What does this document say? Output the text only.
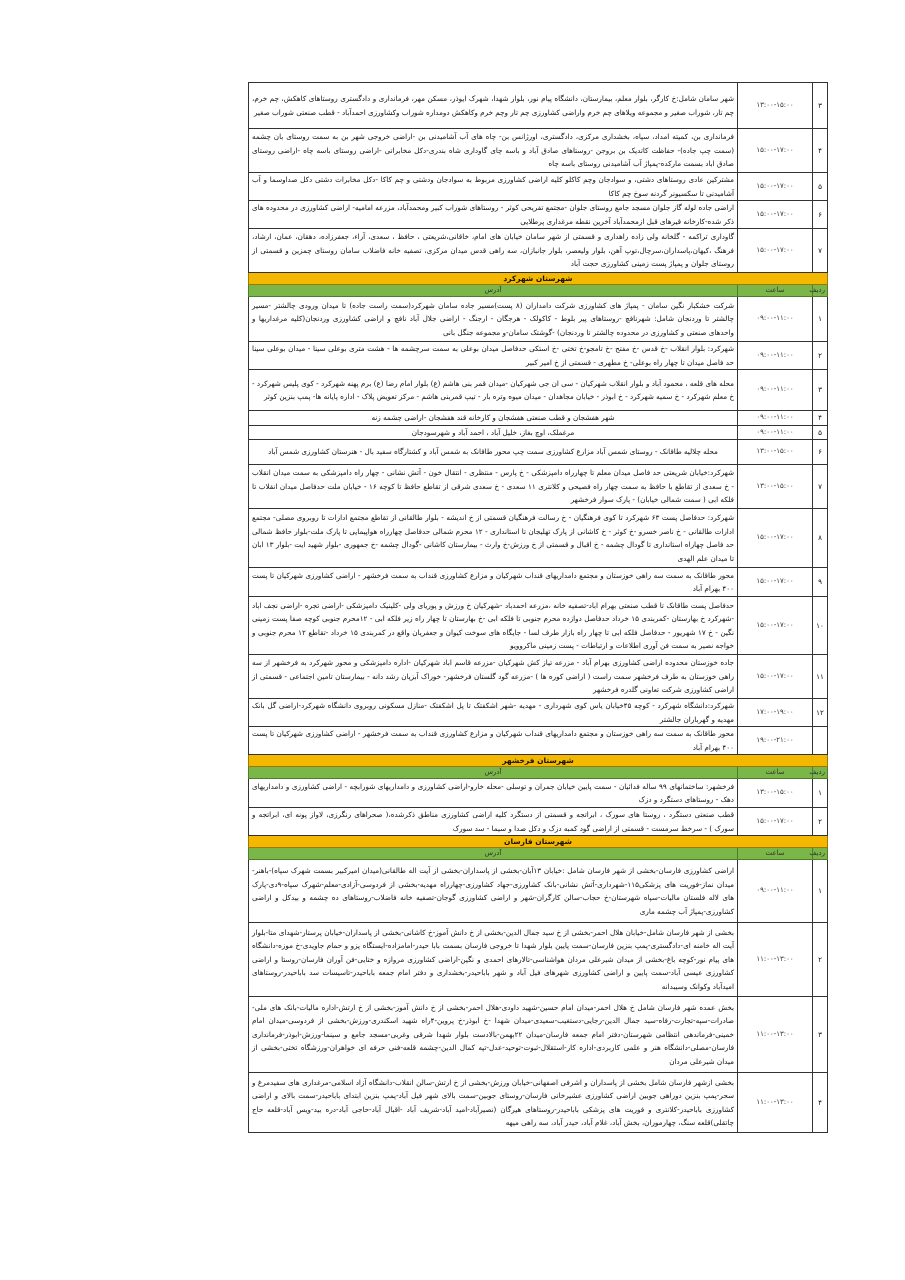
۳	۱۳:۰۰-۱۵:۰۰	شهر سامان شامل:خ کارگر، بلوار معلم، بیمارستان، دانشگاه پیام نور، بلوار شهدا، شهرک ایوذر، مسکن مهر، فرمانداری و دادگستری روستاهای کاهکش، چم خرم، چم تار، شوراب صغیر و مجموعه ویلاهای چم خرم واراضی کشاورزی چم تار وچم خرم وکاهکش دومداره شوراب وکشاورزی احمدآباد - قطب صنعتی شوراب صغیر
۴	۱۵:۰۰-۱۷:۰۰	فرمانداری بن، کمیته امداد، سپاه، بخشداری مرکزی، دادگستری، اورژانس بن- چاه های آب آشامیدنی بن -اراضی خروجی شهر بن به سمت روستای بان چشمه (سمت چپ جاده)- حفاظت کاتدیک بن بروجن -روستاهای صادق آباد و باسه چای گاوداری شاه بندری-دکل مخابراتی -اراضی روستای باسه چاه -اراضی روستای صادق اباد بسمت مارکده-پمپاژ آب آشامیدنی روستای باسه چاه
۵	۱۵:۰۰-۱۷:۰۰	مشترکین عادی روستاهای دشتی، و سوادجان وچم کاکلو کلیه اراضی کشاورزی مربوط به سوادجان ودشتی و چم کاکا -دکل مخابرات دشتی دکل صداوسما و آب آشامیدنی تا سکسیونر گردنه سوخ چم کاکا
۶	۱۵:۰۰-۱۷:۰۰	اراضی جاده لوله گاز جلوان مسجد جامع روستای جلوان -مجتمع تفریحی کوثر - روستاهای شوراب کبیر ومحمدآباد، مزرعه امامیه- اراضی کشاورزی در محدوده های ذکر شده-کارخانه قیرهای قبل ازمحمدآباد آخرین نقطه مرغداری پرطلایی
۷	۱۵:۰۰-۱۷:۰۰	گاوداری تراکمه - گلخانه ولی زاده راهداری و قسمتی از شهر سامان خیابان های امام، خاقانی،شریعتی ، حافظ ، سعدی، آراء، جعفرزاده، دهقان، عمان، ارشاد، فرهنگ ،کیهان،پاسداران،سرچال،توپ آهن، بلوار ولیعصر، بلوار جانبازان، سه راهی قدس میدان مرکزی، تصفیه خانه فاضلاب سامان روستای چمزین و قسمتی از روستای جلوان و پمپاژ پست زمینی کشاورزی حجت آباد
شهرستان شهرکرد		
ردیف	ساعت	آدرس
۱	۰۹:۰۰-۱۱:۰۰	شرکت خشکبار نگین سامان - پمپاژ های کشاورزی شرکت دامداران (۸ پست)مسیر جاده سامان شهرکرد(سمت راست جاده) تا میدان ورودی چالشتر -مسیر چالشتر تا وردنجان شامل: شهرنافچ -روستاهای پیر بلوط - کاکولک - هرجگان - ارجنگ - اراضی جلال آباد نافچ و اراضی کشاورزی وردنجان(کلیه مرغداریها و واحدهای صنعتی و کشاورزی در محدوده چالشتر تا وردنجان) -گوشتک سامان-و مجموعه جنگل بانی
۲	۰۹:۰۰-۱۱:۰۰	شهرکرد: بلوار انقلاب -خ قدس -خ مفتح -خ تامجو-خ تختی -خ استکی حدفاصل میدان بوعلی به سمت سرچشمه ها - هشت متری بوعلی سینا - میدان بوعلی سینا حد فاصل میدان تا چهار راه بوعلی- خ مطهری - قسمتی از خ امیر کبیر
۳	۰۹:۰۰-۱۱:۰۰	محله های قلعه ، محمود آباد و بلوار انقلاب شهرکیان - سی ان جی شهرکیان -میدان قمر بنی هاشم (ع) بلوار امام رضا (ع) برم پهنه شهرکرد - کوی پلیس شهرکرد - خ معلم شهرکرد - خ سمیه شهرکرد - خ ابوذر - خیابان مجاهدان - میدان میوه وتره بار - تیپ قمربنی هاشم - مرکز تعویض پلاک - اداره پایانه ها- پمپ بنزین کوثر
۴	۰۹:۰۰-۱۱:۰۰	شهر هفشجان و قطب صنعتی هفشجان و کارخانه قند هفشجان -اراضی چشمه زنه
۵	۰۹:۰۰-۱۱:۰۰	مرغملک، اوچ بغاز، خلیل آباد ، احمد آباد و شهرسودجان
۶	۱۳:۰۰-۱۵:۰۰	محله چلالیه طاقانک - روستای شمس آباد مزارع کشاورزی سمت چپ محور طاقانک به شمس آباد و کشتارگاه سفید بال - هنرستان کشاورزی شمس آباد
۷	۱۳:۰۰-۱۵:۰۰	شهرکرد:خیابان شریعتی حد فاصل میدان معلم تا چهارراه دامپزشکی - خ پارس - منتظری - انتقال خون - آتش نشانی - چهار راه دامپزشکی به سمت میدان انقلاب - خ سعدی از تقاطع با حافظ به سمت چهار راه فصیحی و کلانتری ۱۱ سعدی - خ سعدی شرقی از تقاطع حافظ تا کوچه ۱۶ - خیابان ملت حدفاصل میدان انقلاب تا فلکه ابی ( سمت شمالی خیابان) - پارک سوار فرخشهر
۸	۱۵:۰۰-۱۷:۰۰	شهرکرد: حدفاصل پست ۶۳ شهرکرد تا کوی فرهنگیان - خ رسالت فرهنگیان قسمتی از خ اندیشه - بلوار طالقانی از تقاطع مجتمع ادارات تا روبروی مصلی- مجتمع ادارات طالقانی - خ ناصر خسرو -خ کوثر - خ کاشانی از پارک تهلیجان تا استانداری - ۱۲ محرم شمالی حدفاصل چهارراه هواپیمایی تا پارک ملت-بلوار حافظ شمالی حد فاصل چهاراه استانداری تا گودال چشمه - خ اقبال و قسمتی از خ ورزش-خ وارث - بیمارستان کاشانی -گودال چشمه -خ جمهوری -بلوار شهید ایت -بلوار ۱۳ ابان تا میدان علم الهدی
۹	۱۵:۰۰-۱۷:۰۰	محور طاقانک به سمت سه راهی خوزستان و مجتمع دامداریهای قنداب شهرکیان و مزارع کشاورزی قنداب به سمت فرخشهر - اراضی کشاورزی شهرکیان تا پست ۴۰۰ بهرام آباد
۱۰	۱۵:۰۰-۱۷:۰۰	حدفاصل پست طاقانک تا قطب صنعتی بهرام اباد-تصفیه خانه ،مزرعه احمدباد -شهرکیان خ ورزش و پوریای ولی -کلینیک دامپزشکی -اراضی تجره -اراضی نجف اباد -شهرکرد خ بهارستان -کمربندی ۱۵ خرداد حدفاصل دوازده محرم جنوبی تا فلکه ابی -خ بهارستان تا چهار راه زیر فلکه ابی - ۱۲محرم جنوبی کوچه صفا پست زمینی نگین - خ ۱۷ شهریور - حدفاصل فلکه ابی تا چهار راه بازار طرف لسا - جایگاه های سوخت کیوان و جعفریان واقع در کمربندی ۱۵ خرداد -تقاطع ۱۲ محرم جنوبی و خواجه نصیر به سمت فن آوری اطلاعات و ارتباطات - پست زمینی ماکروویو
۱۱	۱۵:۰۰-۱۷:۰۰	جاده خوزستان محدوده اراضی کشاورزی بهرام آباد - مزرعه تیاز کش شهرکیان -مزرعه قاسم اباد شهرکیان -اداره دامپزشکی و محور شهرکرد به فرخشهر از سه راهی خوزستان به طرف فرخشهر سمت راست ( اراضی کوره ها ) -مزرعه گود گلستان فرخشهر- خوراک آبزیان رشد دانه - بیمارستان تامین اجتماعی - قسمتی از اراضی کشاورزی شرکت تعاونی گلدره فرخشهر
۱۲	۱۷:۰۰-۱۹:۰۰	شهرکرد:دانشگاه شهرکرد - کوچه ۴۵خیابان یاس کوی شهرداری - مهدیه -شهر اشکفتک تا پل اشکفتک -منازل مسکونی روبروی دانشگاه شهرکرد-اراضی گل بانک مهدیه و گهرباران جالشتر
	۱۹:۰۰-۲۱:۰۰	محور طاقانک به سمت سه راهی خوزستان و مجتمع دامداریهای قنداب شهرکیان و مزارع کشاورزی قنداب به سمت فرخشهر - اراضی کشاورزی شهرکیان تا پست ۴۰۰ بهرام آباد
شهرستان فرخشهر		
ردیف	ساعت	آدرس
۱	۱۳:۰۰-۱۵:۰۰	فرخشهر: ساختمانهای ۹۹ ساله فدائیان - سمت پایین خیابان جمران و توسلی -محله خارو-اراضی کشاورزی و دامداریهای شورابچه - اراضی کشاورزی و دامداریهای دهک - روستاهای دستگرد و دزک
۲	۱۵:۰۰-۱۷:۰۰	قطب صنعتی دستگرد ، روستا های سورک ، ابراتجه و قسمتی از دستگرد کلیه اراضی کشاورزی مناطق ذکرشده،( صحراهای رنگرزی، لاواز پونه ای، ابراتجه و سورک ) - سرخط سرمست - قسمتی از اراضی گود کمبه دزک و دکل صدا و سیما - سد سورک
شهرستان فارسان		
ردیف	ساعت	آدرس
۱	۰۹:۰۰-۱۱:۰۰	اراضی کشاورزی فارسان-بخشی از شهر فارسان شامل :خیابان ۱۳آبان-بخشی از پاسداران-بخشی از آیت اله طالقانی(میدان امیرکبیر بسمت شهرک سپاه)-باهنر-میدان نماز-فوریت های پزشکی۱۱۵-شهرداری-آتش نشانی-بانک کشاورزی-جهاد کشاورزی-چهارراه مهدیه-بخشی از فردوسی-آزادی-معلم-شهرک سپاه-۹دی-پارک های لاله فلستان مالیات-سپاه شهرستان-خ حجاب-سالن کارگران-شهر و اراضی کشاورزی گوجان-تصفیه خانه فاضلاب-روستاهای ده چشمه و بیدکل و اراضی کشاورزی-پمپاژ آب چشمه ماری
۲	۱۱:۰۰-۱۳:۰۰	بخشی از شهر فارسان شامل-خیابان هلال احمر-بخشی از خ سید جمال الدین-بخشی از خ دانش آموز-خ کاشانی-بخشی از پاسداران-خیابان پرستار-شهدای متا-بلوار آیت اله خامنه ای-دادگستری-پمپ بنزین فارسان-سمت پایین بلوار شهدا تا خروجی فارسان بسمت بابا حیدر-امامزاده-ایستگاه پزو و حمام جاویدی-خ موزه-دانشگاه های پیام نور-کوچه باغ-بخشی از میدان شیرعلی مردان هواشناسی-تالارهای احمدی و نگین-اراضی کشاورزی مروازه و ختایی-فن آوران فارسان-روستا و اراضی کشاورزی عیسی آباد-سمت پایین و اراضی کشاورزی شهرهای فیل آباد و شهر باباحیدر-بخشداری و دفتر امام جمعه باباحیدر-تاسیسات سد باباحیدر-روستاهای امیدآباد وکوانک وسیبدانه
۳	۱۱:۰۰-۱۳:۰۰	بخش عمده شهر فارسان شامل خ هلال احمر-میدان امام حسین-شهید داودی-هلال احمر-بخشی از خ دانش آموز-بخشی از خ ارتش-اداره مالیات-بانک های ملی-صادرات-سپه-تجارت-رفاه-سید جمال الدین-رجایی-دستغیب-سعیدی-میدان شهدا -خ ابوذر-خ پروین-۴راه شهید اسکندری-ورزش-بخشی از فردوسی-میدان امام خمینی-فرماندهی انتظامی شهرستان-دفتر امام جمعه فارسان-میدان ۲۲بهمن-بالادست بلوار شهدا شرقی وغربی-مسجد جامع و سینما-ورزش-ابوذر-فرمانداری فارسان-مصلی-دانشگاه هنر و علمی کاربردی-اداره کار-استقلال-ثبوت-توحید-عدل-تپه کمال الدین-چشمه قلعه-فنی حرفه ای خواهران-ورزشگاه تختی-بخشی از میدان شیرعلی مردان
۴	۱۱:۰۰-۱۳:۰۰	بخشی ازشهر فارسان شامل بخشی از پاسداران و اشرفی اصفهانی-خیابان ورزش-بخشی از خ ارتش-سالن انقلاب-دانشگاه آزاد اسلامی-مرغداری های سفیدمرغ و سحر-پمپ بنزین دوراهی جوبین اراضی کشاورزی عشیرخانی فارسان-روستای جوبین-سمت بالای شهر فیل آباد-پمپ بنزین ابتدای باباحیدر-سمت بالای و اراضی کشاورزی باباحیدر-کلانتری و فوریت های پزشکی باباحیدر-روستاهای هیرگان (نصیرآباد-امید آباد-شریف آباد -اقبال آباد-حاجی آباد-دره بید-ویس آباد-قلعه حاج چاتقلی)قلعه سنگ، چهارموران، بخش آباد، غلام آباد، حیدر آباد، سه راهی میهه
